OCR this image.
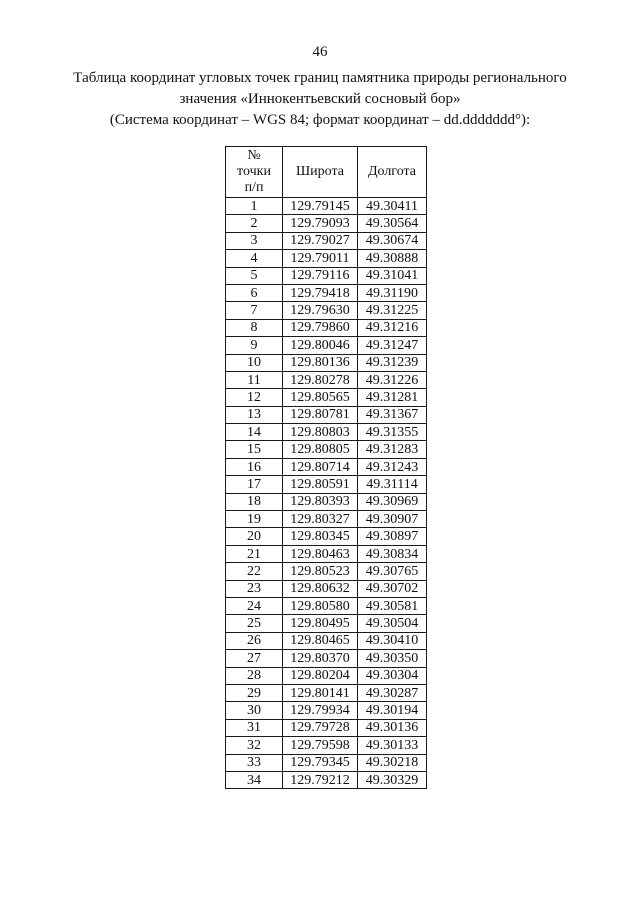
46
Таблица координат угловых точек границ памятника природы регионального
значения «Иннокентьевский сосновый бор»
(Система координат – WGS 84; формат координат – dd.ddddddd°):
№
точки
п/п	Широта	Долгота
1	129.79145	49.30411
2	129.79093	49.30564
3	129.79027	49.30674
4	129.79011	49.30888
5	129.79116	49.31041
6	129.79418	49.31190
7	129.79630	49.31225
8	129.79860	49.31216
9	129.80046	49.31247
10	129.80136	49.31239
11	129.80278	49.31226
12	129.80565	49.31281
13	129.80781	49.31367
14	129.80803	49.31355
15	129.80805	49.31283
16	129.80714	49.31243
17	129.80591	49.31114
18	129.80393	49.30969
19	129.80327	49.30907
20	129.80345	49.30897
21	129.80463	49.30834
22	129.80523	49.30765
23	129.80632	49.30702
24	129.80580	49.30581
25	129.80495	49.30504
26	129.80465	49.30410
27	129.80370	49.30350
28	129.80204	49.30304
29	129.80141	49.30287
30	129.79934	49.30194
31	129.79728	49.30136
32	129.79598	49.30133
33	129.79345	49.30218
34	129.79212	49.30329
